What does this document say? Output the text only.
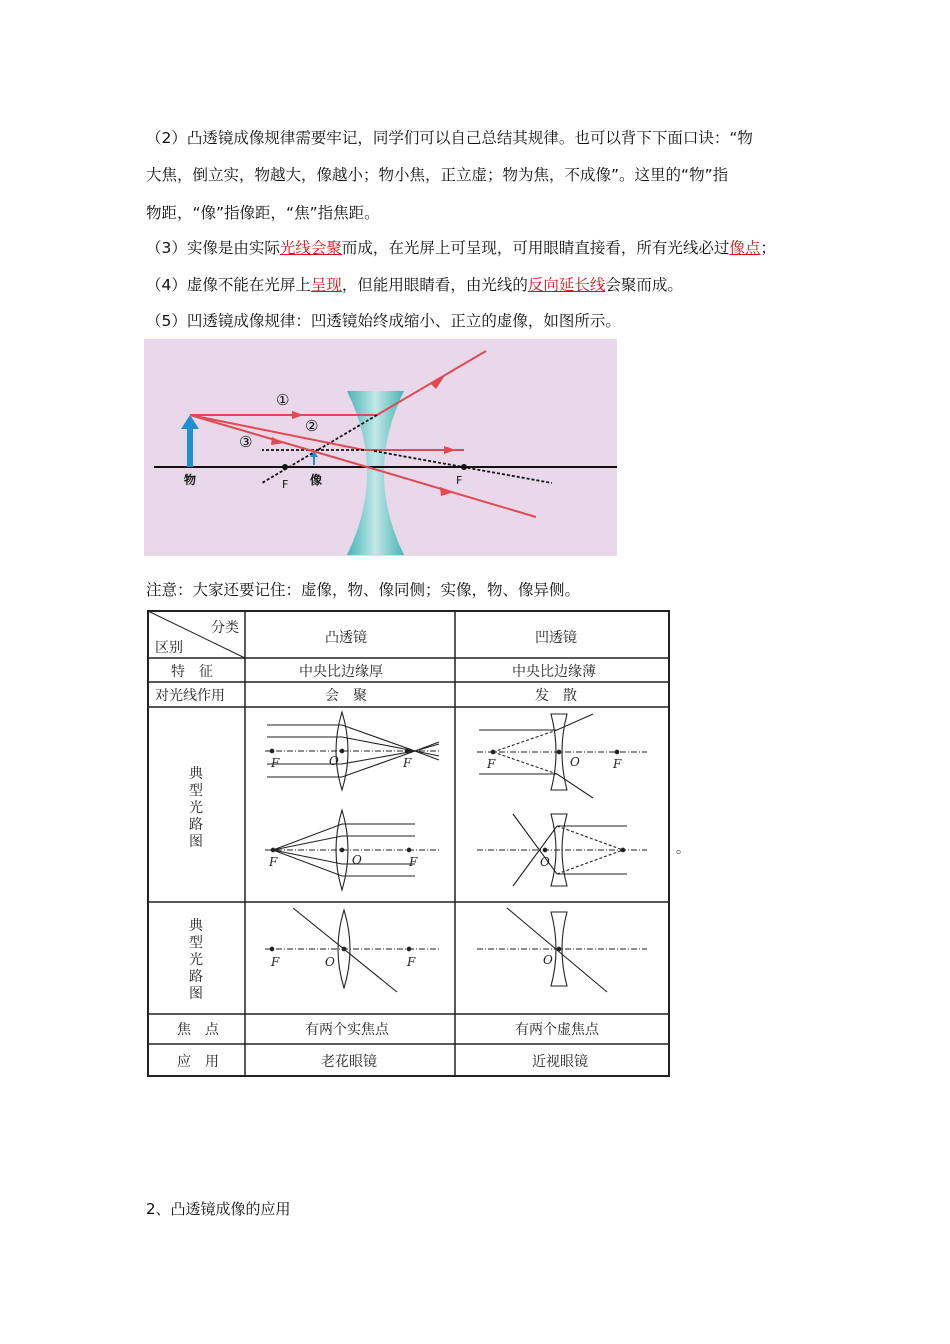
（2）凸透镜成像规律需要牢记，同学们可以自己总结其规律。也可以背下下面口诀：“物
大焦，倒立实，物越大，像越小；物小焦，正立虚；物为焦，不成像”。这里的“物”指
物距，“像”指像距，“焦”指焦距。
（3）实像是由实际光线会聚而成，在光屏上可呈现，可用眼睛直接看，所有光线必过像点；
（4）虚像不能在光屏上呈现，但能用眼睛看，由光线的反向延长线会聚而成。
（5）凹透镜成像规律：凹透镜始终成缩小、正立的虚像，如图所示。
①
②
③
物	像
F	F
注意：大家还要记住：虚像，物、像同侧；实像，物、像异侧。
分类
区别
凸透镜	凹透镜
特　征	中央比边缘厚	中央比边缘薄
对光线作用	会　聚	发　散
典型光路图
典型光路图
F	O	F
F	O	F
F	O	F
O
F	O	F	O
焦　点	有两个实焦点	有两个虚焦点
应　用	老花眼镜	近视眼镜
。
2、凸透镜成像的应用
